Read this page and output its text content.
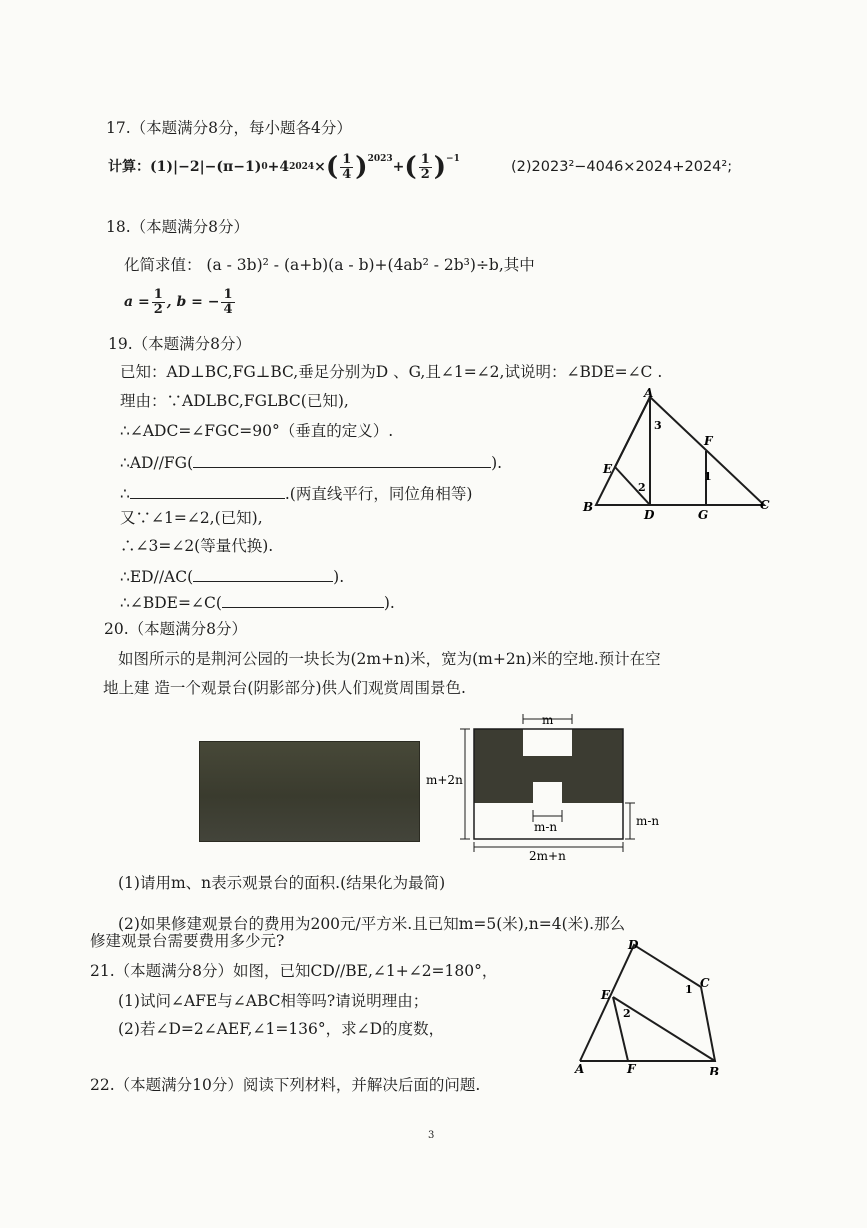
17.（本题满分8分，每小题各4分）
计算：(1) |−2|−(π−1) 0 +4 2024 × ( $\frac{1}{4} )^{2023}$
+ ( $\frac{1}{2} )^{-1}$
(2)2023²−4046×2024+2024²;
18.（本题满分8分）
化简求值： (a - 3b)² - (a+b)(a - b)+(4ab² - 2b³)÷b,其中
$a = \frac{1}{2}$ , b = − $\frac{1}{4}$
19.（本题满分8分）
已知：AD⊥BC,FG⊥BC,垂足分别为D 、G,且∠1=∠2,试说明：∠BDE=∠C .
理由：∵ADLBC,FGLBC(已知),
∴∠ADC=∠FGC=90°（垂直的定义）.
∴AD//FG(	).
∴	.(两直线平行，同位角相等)
又∵∠1=∠2,(已知),
∴∠3=∠2(等量代换).
∴ED//AC(	).
∴∠BDE=∠C(	).
A
B	C
D
E
F
G
1
2
3
20.（本题满分8分）
如图所示的是荆河公园的一块长为(2m+n)米，宽为(m+2n)米的空地.预计在空
地上建 造一个观景台(阴影部分)供人们观赏周围景色.
m
m+2n
m-n	m-n
2m+n
(1)请用m、n表示观景台的面积.(结果化为最简)
(2)如果修建观景台的费用为200元/平方米.且已知m=5(米),n=4(米).那么
修建观景台需要费用多少元?
21.（本题满分8分）如图，已知CD//BE,∠1+∠2=180°，
(1)试问∠AFE与∠ABC相等吗?请说明理由；
(2)若∠D=2∠AEF,∠1=136°，求∠D的度数，
D
C
E
A	F	B
1
2
22.（本题满分10分）阅读下列材料，并解决后面的问题.
3
